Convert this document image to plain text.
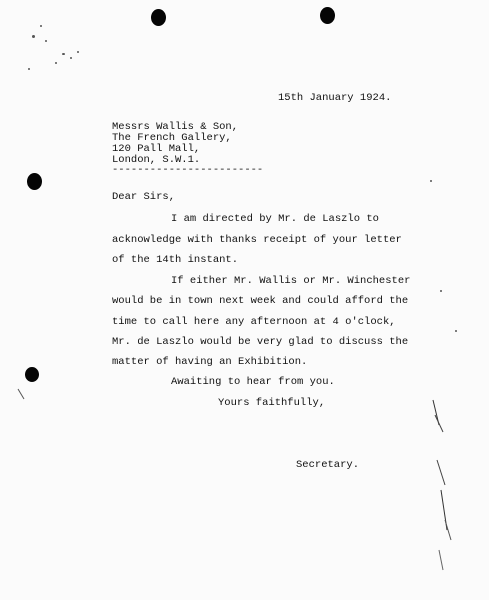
15th January 1924.
Messrs Wallis & Son,
The French Gallery,
120 Pall Mall,
London, S.W.1.
------------------------
Dear Sirs,
I am directed by Mr. de Laszlo to
acknowledge with thanks receipt of your letter
of the 14th instant.
If either Mr. Wallis or Mr. Winchester
would be in town next week and could afford the
time to call here any afternoon at 4 o'clock,
Mr. de Laszlo would be very glad to discuss the
matter of having an Exhibition.
Awaiting to hear from you.
Yours faithfully,
Secretary.
